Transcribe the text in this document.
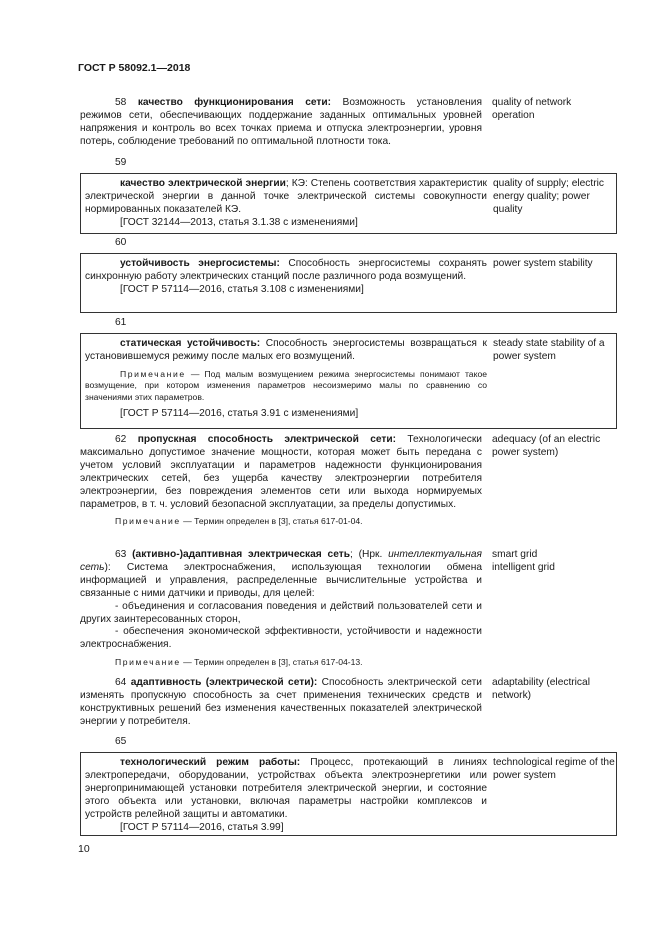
ГОСТ Р 58092.1—2018

58 качество функционирования сети: Возможность установления режимов сети, обеспечивающих поддержание заданных оптимальных уровней напряжения и контроль во всех точках приема и отпуска электроэнергии, уровня потерь, соблюдение требований по оптимальной плотности тока.

quality of network operation
59

качество электрической энергии; КЭ: Степень соответствия характеристик электрической энергии в данной точке электрической системы совокупности нормированных показателей КЭ.

[ГОСТ 32144—2013, статья 3.1.38 с изменениями]

quality of supply; electric energy quality; power quality
60

устойчивость энергосистемы: Способность энергосистемы сохранять синхронную работу электрических станций после различного рода возмущений.

[ГОСТ Р 57114—2016, статья 3.108 с изменениями]

power system stability
61

статическая устойчивость: Способность энергосистемы возвращаться к установившемуся режиму после малых его возмущений.

Примечание — Под малым возмущением режима энергосистемы понимают такое возмущение, при котором изменения параметров несоизмеримо малы по сравнению со значениями этих параметров.

[ГОСТ Р 57114—2016, статья 3.91 с изменениями]

steady state stability of a power system

62 пропускная способность электрической сети: Технологически максимально допустимое значение мощности, которая может быть передана с учетом условий эксплуатации и параметров надежности функционирования электрических сетей, без ущерба качеству электроэнергии потребителя электроэнергии, без повреждения элементов сети или выхода нормируемых параметров, в т. ч. условий безопасной эксплуатации, за пределы допустимых.

Примечание — Термин определен в [3], статья 617-01-04.

adequacy (of an electric power system)

63 (активно-)адаптивная электрическая сеть; (Нрк. интеллектуальная сеть): Система электроснабжения, использующая технологии обмена информацией и управления, распределенные вычислительные устройства и связанные с ними датчики и приводы, для целей:

- объединения и согласования поведения и действий пользователей сети и других заинтересованных сторон,

- обеспечения экономической эффективности, устойчивости и надежности электроснабжения.

Примечание — Термин определен в [3], статья 617-04-13.

smart grid
intelligent grid

64 адаптивность (электрической сети): Способность электрической сети изменять пропускную способность за счет применения технических средств и конструктивных решений без изменения качественных показателей электрической энергии у потребителя.

adaptability (electrical network)
65

технологический режим работы: Процесс, протекающий в линиях электропередачи, оборудовании, устройствах объекта электроэнергетики или энергопринимающей установки потребителя электрической энергии, и состояние этого объекта или установки, включая параметры настройки комплексов и устройств релейной защиты и автоматики.

[ГОСТ Р 57114—2016, статья 3.99]

technological regime of the power system
10
